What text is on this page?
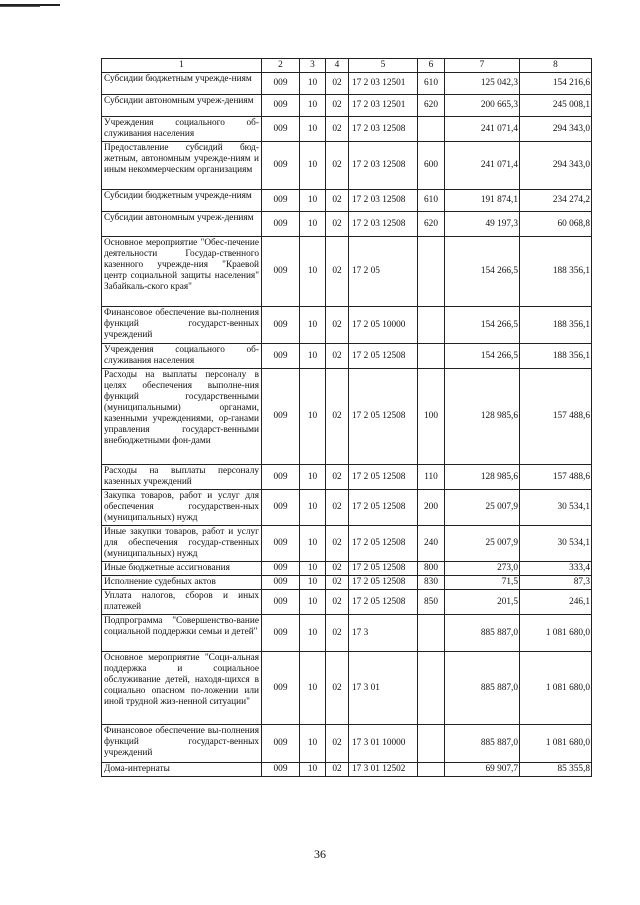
1	2	3	4	5	6	7	8
Субсидии бюджетным учрежде-ниям	009	10	02	17 2 03 12501	610	125 042,3	154 216,6
Субсидии автономным учреж-дениям	009	10	02	17 2 03 12501	620	200 665,3	245 008,1
Учреждения социального об-служивания населения	009	10	02	17 2 03 12508		241 071,4	294 343,0
Предоставление субсидий бюд-жетным, автономным учрежде-ниям и иным некоммерческим организациям	009	10	02	17 2 03 12508	600	241 071,4	294 343,0
Субсидии бюджетным учрежде-ниям	009	10	02	17 2 03 12508	610	191 874,1	234 274,2
Субсидии автономным учреж-дениям	009	10	02	17 2 03 12508	620	49 197,3	60 068,8
Основное мероприятие "Обес-печение деятельности Государ-ственного казенного учрежде-ния "Краевой центр социальной защиты населения" Забайкаль-ского края"	009	10	02	17 2 05		154 266,5	188 356,1
Финансовое обеспечение вы-полнения функций государст-венных учреждений	009	10	02	17 2 05 10000		154 266,5	188 356,1
Учреждения социального об-служивания населения	009	10	02	17 2 05 12508		154 266,5	188 356,1
Расходы на выплаты персоналу в целях обеспечения выполне-ния функций государственными (муниципальными) органами, казенными учреждениями, ор-ганами управления государст-венными внебюджетными фон-дами	009	10	02	17 2 05 12508	100	128 985,6	157 488,6
Расходы на выплаты персоналу казенных учреждений	009	10	02	17 2 05 12508	110	128 985,6	157 488,6
Закупка товаров, работ и услуг для обеспечения государствен-ных (муниципальных) нужд	009	10	02	17 2 05 12508	200	25 007,9	30 534,1
Иные закупки товаров, работ и услуг для обеспечения государ-ственных (муниципальных) нужд	009	10	02	17 2 05 12508	240	25 007,9	30 534,1
Иные бюджетные ассигнования	009	10	02	17 2 05 12508	800	273,0	333,4
Исполнение судебных актов	009	10	02	17 2 05 12508	830	71,5	87,3
Уплата налогов, сборов и иных платежей	009	10	02	17 2 05 12508	850	201,5	246,1
Подпрограмма "Совершенство-вание социальной поддержки семьи и детей"	009	10	02	17 3		885 887,0	1 081 680,0
Основное мероприятие "Соци-альная поддержка и социальное обслуживание детей, находя-щихся в социально опасном по-ложении или иной трудной жиз-ненной ситуации"	009	10	02	17 3 01		885 887,0	1 081 680,0
Финансовое обеспечение вы-полнения функций государст-венных учреждений	009	10	02	17 3 01 10000		885 887,0	1 081 680,0
Дома-интернаты	009	10	02	17 3 01 12502		69 907,7	85 355,8
36
